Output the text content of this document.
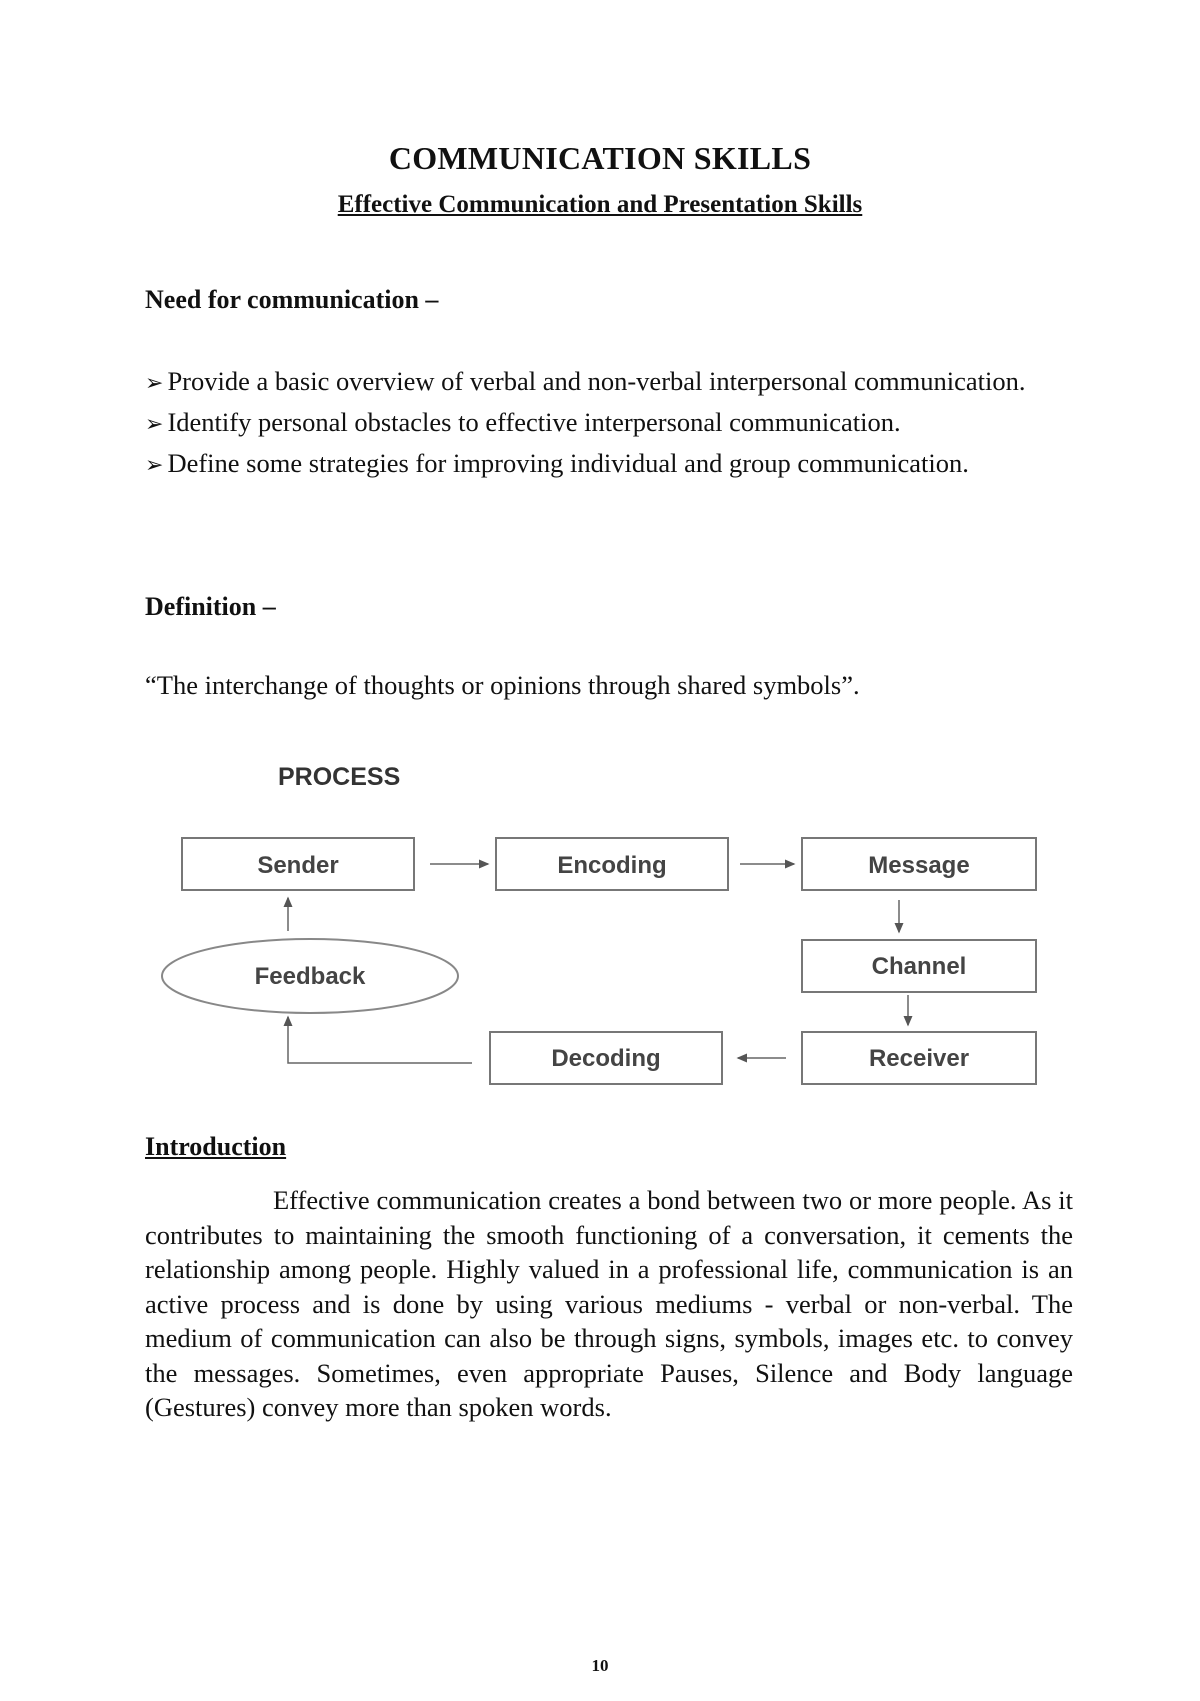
COMMUNICATION SKILLS
Effective Communication and Presentation Skills
Need for communication –

➢ Provide a basic overview of verbal and non-verbal interpersonal communication.

➢ Identify personal obstacles to effective interpersonal communication.

➢ Define some strategies for improving individual and group communication.

Definition –
“The interchange of thoughts or opinions through shared symbols”.
PROCESS
Sender	Encoding	Message
Channel
Receiver
Decoding
Feedback
Introduction

Effective communication creates a bond between two or more people. As it contributes to maintaining the smooth functioning of a conversation, it cements the relationship among people. Highly valued in a professional life, communication is an active process and is done by using various mediums - verbal or non-verbal. The medium of communication can also be through signs, symbols, images etc. to convey the messages. Sometimes, even appropriate Pauses, Silence and Body language (Gestures) convey more than spoken words.

10
